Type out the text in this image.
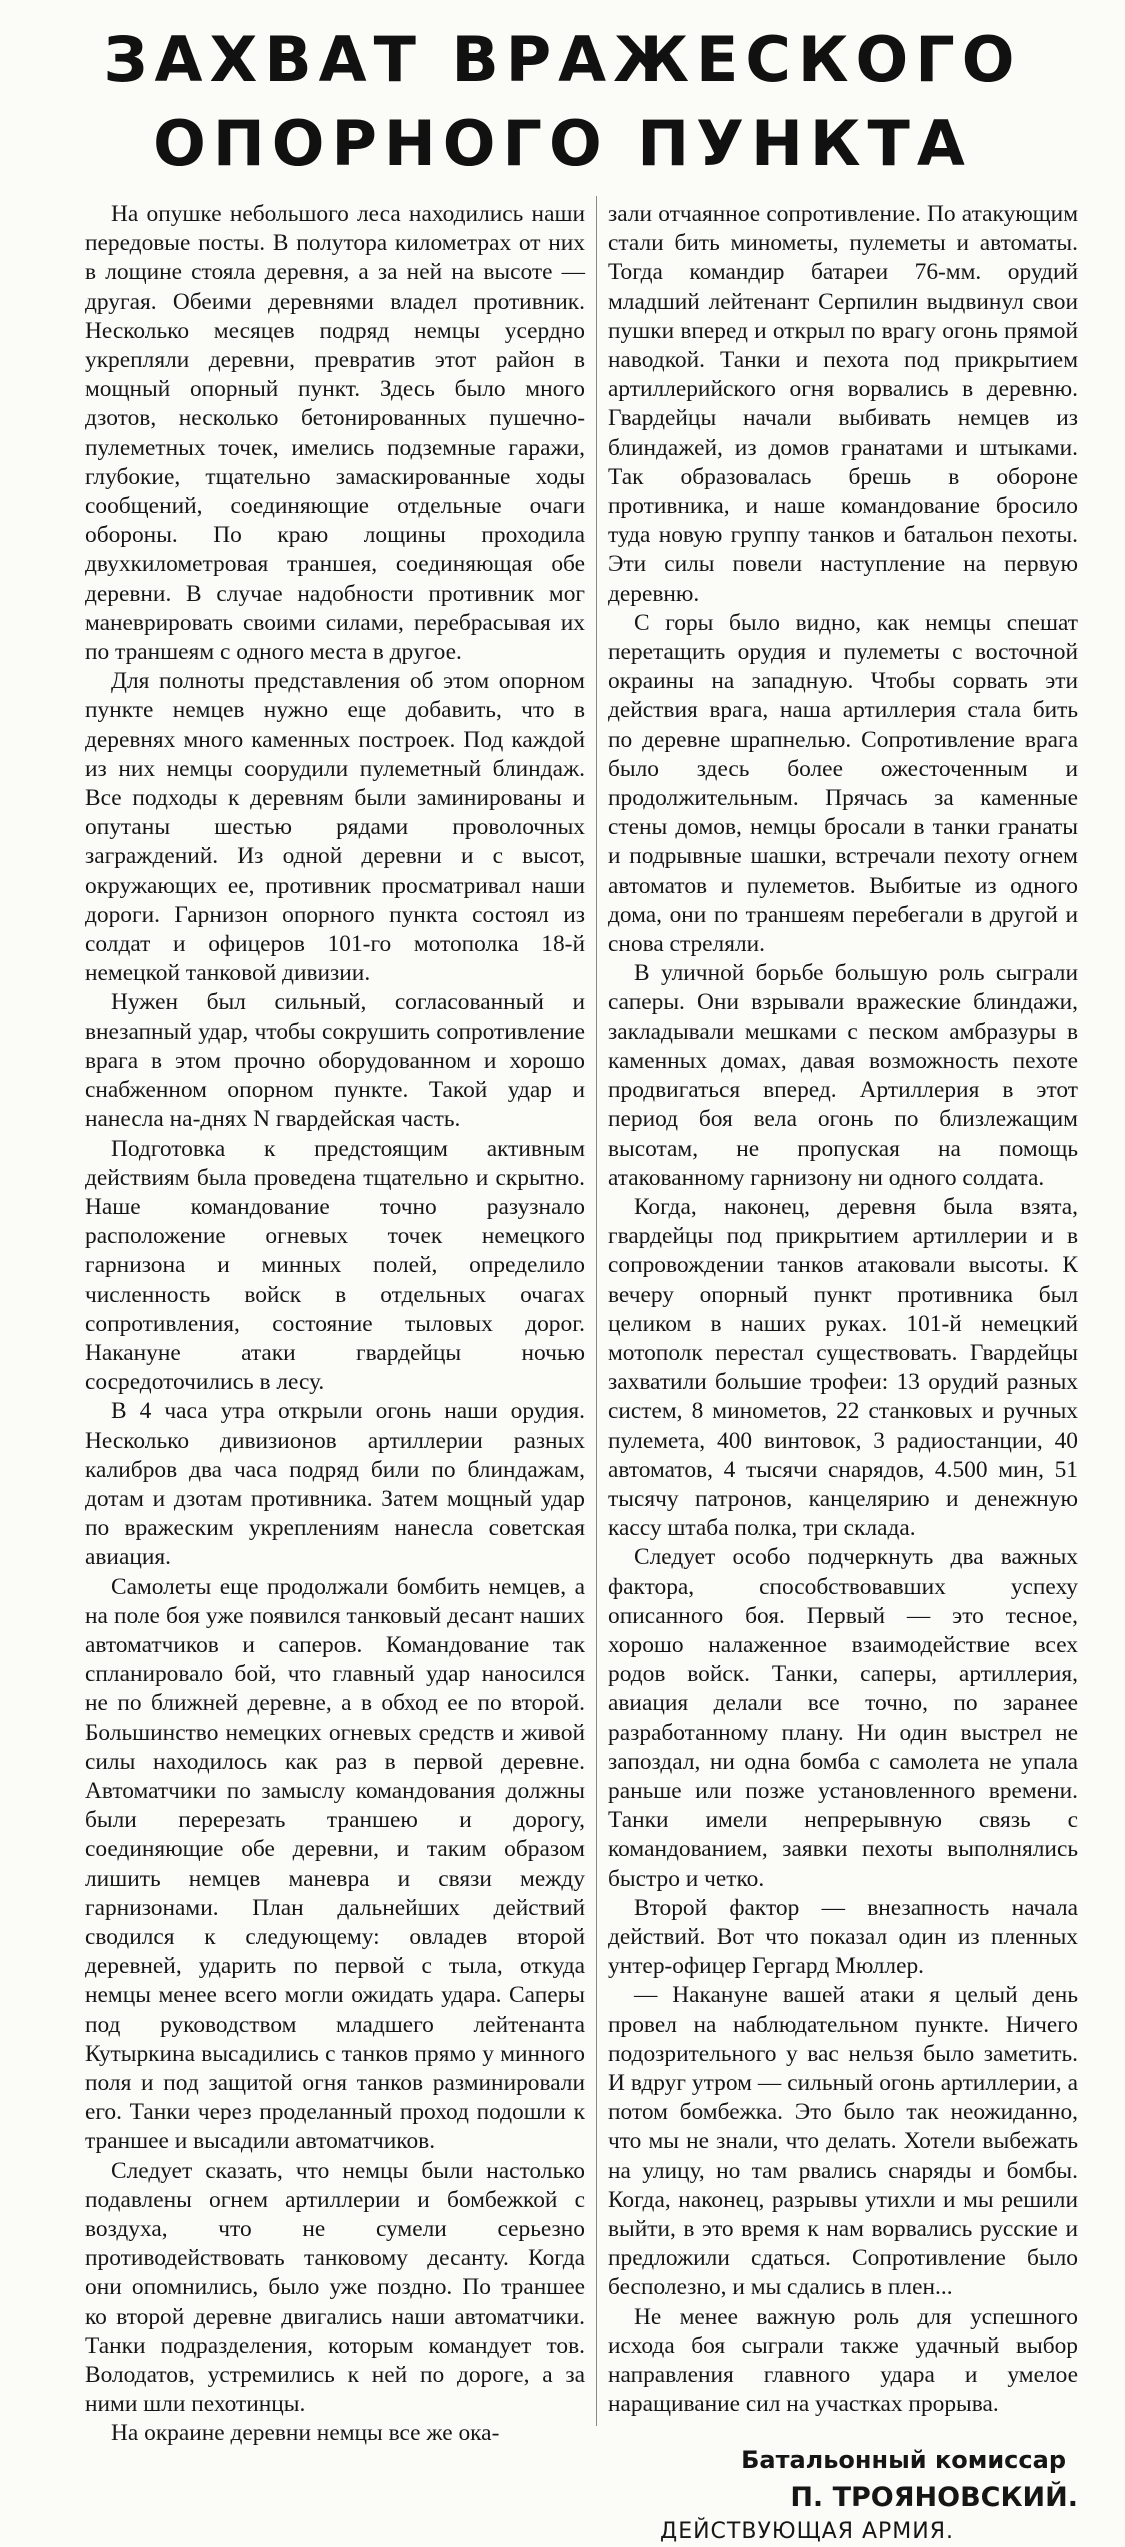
ЗАХВАТ ВРАЖЕСКОГО
ОПОРНОГО ПУНКТА

На опушке небольшого леса находились наши передовые посты. В полутора километрах от них в лощине стояла деревня, а за ней на высоте — другая. Обеими деревнями владел противник. Несколько месяцев подряд немцы усердно укрепляли деревни, превратив этот район в мощный опорный пункт. Здесь было много дзотов, несколько бетонированных пушечно-пулеметных точек, имелись подземные гаражи, глубокие, тщательно замаскированные ходы сообщений, соединяющие отдельные очаги обороны. По краю лощины проходила двухкилометровая траншея, соединяющая обе деревни. В случае надобности противник мог маневрировать своими силами, перебрасывая их по траншеям с одного места в другое.

Для полноты представления об этом опорном пункте немцев нужно еще добавить, что в деревнях много каменных построек. Под каждой из них немцы соорудили пулеметный блиндаж. Все подходы к деревням были заминированы и опутаны шестью рядами проволочных заграждений. Из одной деревни и с высот, окружающих ее, противник просматривал наши дороги. Гарнизон опорного пункта состоял из солдат и офицеров 101-го мотополка 18-й немецкой танковой дивизии.

Нужен был сильный, согласованный и внезапный удар, чтобы сокрушить сопротивление врага в этом прочно оборудованном и хорошо снабженном опорном пункте. Такой удар и нанесла на-днях N гвардейская часть.

Подготовка к предстоящим активным действиям была проведена тщательно и скрытно. Наше командование точно разузнало расположение огневых точек немецкого гарнизона и минных полей, определило численность войск в отдельных очагах сопротивления, состояние тыловых дорог. Накануне атаки гвардейцы ночью сосредоточились в лесу.

В 4 часа утра открыли огонь наши орудия. Несколько дивизионов артиллерии разных калибров два часа подряд били по блиндажам, дотам и дзотам противника. Затем мощный удар по вражеским укреплениям нанесла советская авиация.

Самолеты еще продолжали бомбить немцев, а на поле боя уже появился танковый десант наших автоматчиков и саперов. Командование так спланировало бой, что главный удар наносился не по ближней деревне, а в обход ее по второй. Большинство немецких огневых средств и живой силы находилось как раз в первой деревне. Автоматчики по замыслу командования должны были перерезать траншею и дорогу, соединяющие обе деревни, и таким образом лишить немцев маневра и связи между гарнизонами. План дальнейших действий сводился к следующему: овладев второй деревней, ударить по первой с тыла, откуда немцы менее всего могли ожидать удара. Саперы под руководством младшего лейтенанта Кутыркина высадились с танков прямо у минного поля и под защитой огня танков разминировали его. Танки через проделанный проход подошли к траншее и высадили автоматчиков.

Следует сказать, что немцы были настолько подавлены огнем артиллерии и бомбежкой с воздуха, что не сумели серьезно противодействовать танковому десанту. Когда они опомнились, было уже поздно. По траншее ко второй деревне двигались наши автоматчики. Танки подразделения, которым командует тов. Володатов, устремились к ней по дороге, а за ними шли пехотинцы.

На окраине деревни немцы все же ока-

зали отчаянное сопротивление. По атакующим стали бить минометы, пулеметы и автоматы. Тогда командир батареи 76-мм. орудий младший лейтенант Серпилин выдвинул свои пушки вперед и открыл по врагу огонь прямой наводкой. Танки и пехота под прикрытием артиллерийского огня ворвались в деревню. Гвардейцы начали выбивать немцев из блиндажей, из домов гранатами и штыками. Так образовалась брешь в обороне противника, и наше командование бросило туда новую группу танков и батальон пехоты. Эти силы повели наступление на первую деревню.

С горы было видно, как немцы спешат перетащить орудия и пулеметы с восточной окраины на западную. Чтобы сорвать эти действия врага, наша артиллерия стала бить по деревне шрапнелью. Сопротивление врага было здесь более ожесточенным и продолжительным. Прячась за каменные стены домов, немцы бросали в танки гранаты и подрывные шашки, встречали пехоту огнем автоматов и пулеметов. Выбитые из одного дома, они по траншеям перебегали в другой и снова стреляли.

В уличной борьбе большую роль сыграли саперы. Они взрывали вражеские блиндажи, закладывали мешками с песком амбразуры в каменных домах, давая возможность пехоте продвигаться вперед. Артиллерия в этот период боя вела огонь по близлежащим высотам, не пропуская на помощь атакованному гарнизону ни одного солдата.

Когда, наконец, деревня была взята, гвардейцы под прикрытием артиллерии и в сопровождении танков атаковали высоты. К вечеру опорный пункт противника был целиком в наших руках. 101-й немецкий мотополк перестал существовать. Гвардейцы захватили большие трофеи: 13 орудий разных систем, 8 минометов, 22 станковых и ручных пулемета, 400 винтовок, 3 радиостанции, 40 автоматов, 4 тысячи снарядов, 4.500 мин, 51 тысячу патронов, канцелярию и денежную кассу штаба полка, три склада.

Следует особо подчеркнуть два важных фактора, способствовавших успеху описанного боя. Первый — это тесное, хорошо налаженное взаимодействие всех родов войск. Танки, саперы, артиллерия, авиация делали все точно, по заранее разработанному плану. Ни один выстрел не запоздал, ни одна бомба с самолета не упала раньше или позже установленного времени. Танки имели непрерывную связь с командованием, заявки пехоты выполнялись быстро и четко.

Второй фактор — внезапность начала действий. Вот что показал один из пленных унтер-офицер Гергард Мюллер.

— Накануне вашей атаки я целый день провел на наблюдательном пункте. Ничего подозрительного у вас нельзя было заметить. И вдруг утром — сильный огонь артиллерии, а потом бомбежка. Это было так неожиданно, что мы не знали, что делать. Хотели выбежать на улицу, но там рвались снаряды и бомбы. Когда, наконец, разрывы утихли и мы решили выйти, в это время к нам ворвались русские и предложили сдаться. Сопротивление было бесполезно, и мы сдались в плен...

Не менее важную роль для успешного исхода боя сыграли также удачный выбор направления главного удара и умелое наращивание сил на участках прорыва.

Батальонный комиссар
П. ТРОЯНОВСКИЙ.

ДЕЙСТВУЮЩАЯ АРМИЯ.
